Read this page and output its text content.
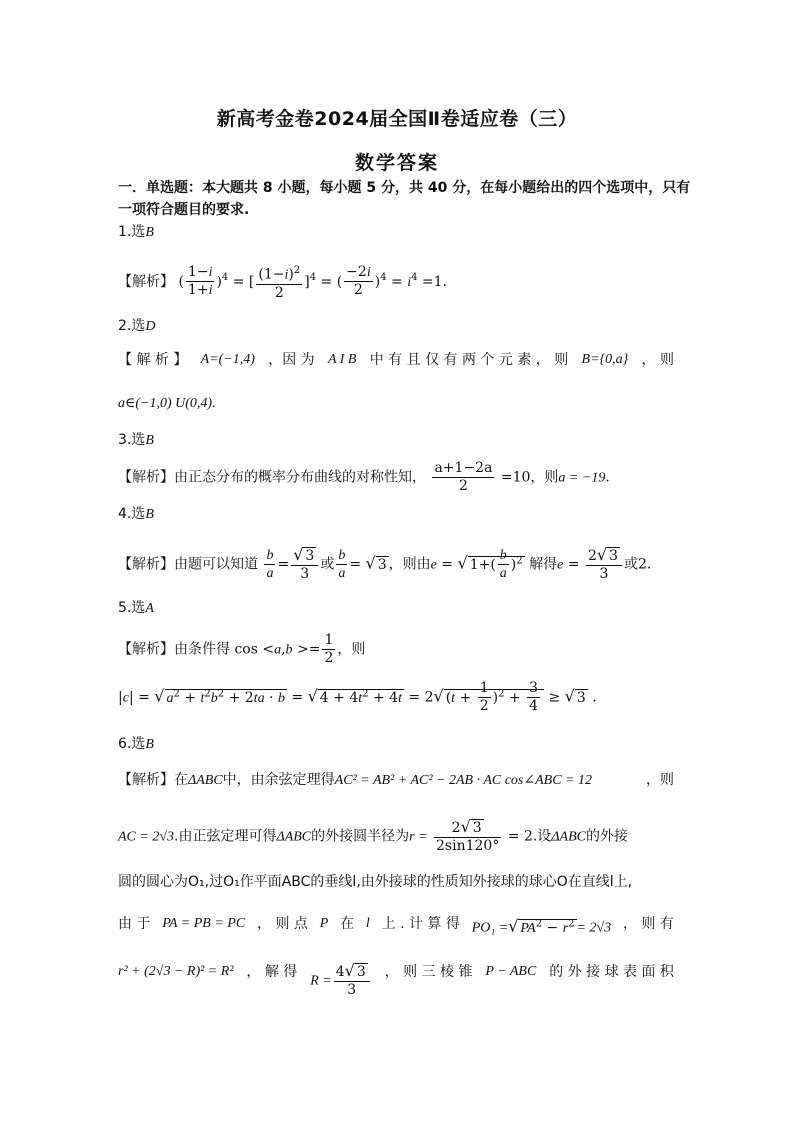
新高考金卷2024届全国Ⅱ卷适应卷（三）
数学答案
一．单选题：本大题共 8 小题，每小题 5 分，共 40 分，在每小题给出的四个选项中，只有
一项符合题目的要求.
1.选B
【解析】 ( $\frac{1-i}{1+i} )^4$ = [ $\frac{(1-i)^2}{2} ]^4$ = ( $\frac{-2i}{2} )^4 = i^4 =1$.
2.选D
【 解 析 】 A=(−1,4) ，因 为 A I B 中 有 且 仅 有 两 个 元 素 ， 则 B={0,a} ， 则
a∈(−1,0) U(0,4).
3.选B
【解析】由正态分布的概率分布曲线的对称性知， $\frac{a+1-2a}{2} =10$，则a = −19.
4.选B
【解析】由题可以知道 $\frac{b}{a} = \frac{√ 3}{3}$ 或 $\frac{b}{a}$ = √ 3 ，则由e = √ $1+( \frac{b}{a} )^2$ 解得$e = \frac{2√ 3}{3}$ 或2.
5.选A
【解析】由条件得 $\cos <a,b >= \frac{1}{2}$ ，则
|c| = √ $a^2 + t^2b^2 + 2ta \cdot b$ = √ $4 + 4t^2 + 4t = 2√$ $(t + \frac{1}{2} )^2 + \frac{3}{4}$ ≥ √ 3 .
6.选B
【解析】在ΔABC中，由余弦定理得AC² = AB² + AC² − 2AB · AC cos∠ABC = 12	，则
AC = 2√3.由正弦定理可得ΔABC的外接圆半径为$r = \frac{2√ 3}{2\sin 120^\circ} = 2$.设ΔABC的外接
圆的圆心为O₁,过O₁作平面ABC的垂线l,由外接球的性质知外接球的球心O在直线l上,
由 于 PA = PB = PC ， 则 点 P 在 l 上 . 计 算 得 PO₁ =√ $PA^2 - r^2 = 2√3$ ， 则 有
r² + (2√3 − R)² = R² ， 解 得
$R = \frac{4√ 3}{3}$ ， 则 三 棱 锥 P − ABC 的 外 接 球 表 面 积
